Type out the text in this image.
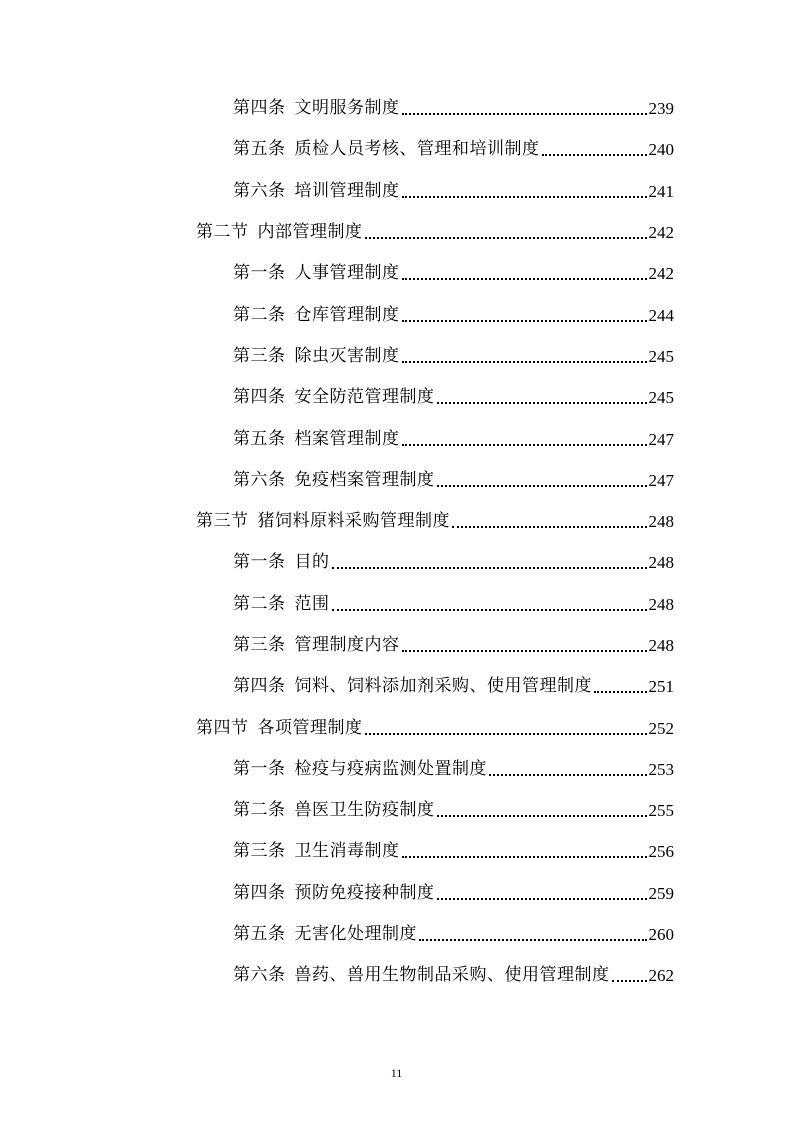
第四条 文明服务制度	239
第五条 质检人员考核、管理和培训制度	240
第六条 培训管理制度	241
第二节 内部管理制度	242
第一条 人事管理制度	242
第二条 仓库管理制度	244
第三条 除虫灭害制度	245
第四条 安全防范管理制度	245
第五条 档案管理制度	247
第六条 免疫档案管理制度	247
第三节 猪饲料原料采购管理制度	248
第一条 目的	248
第二条 范围	248
第三条 管理制度内容	248
第四条 饲料、饲料添加剂采购、使用管理制度	251
第四节 各项管理制度	252
第一条 检疫与疫病监测处置制度	253
第二条 兽医卫生防疫制度	255
第三条 卫生消毒制度	256
第四条 预防免疫接种制度	259
第五条 无害化处理制度	260
第六条 兽药、兽用生物制品采购、使用管理制度 262
11
